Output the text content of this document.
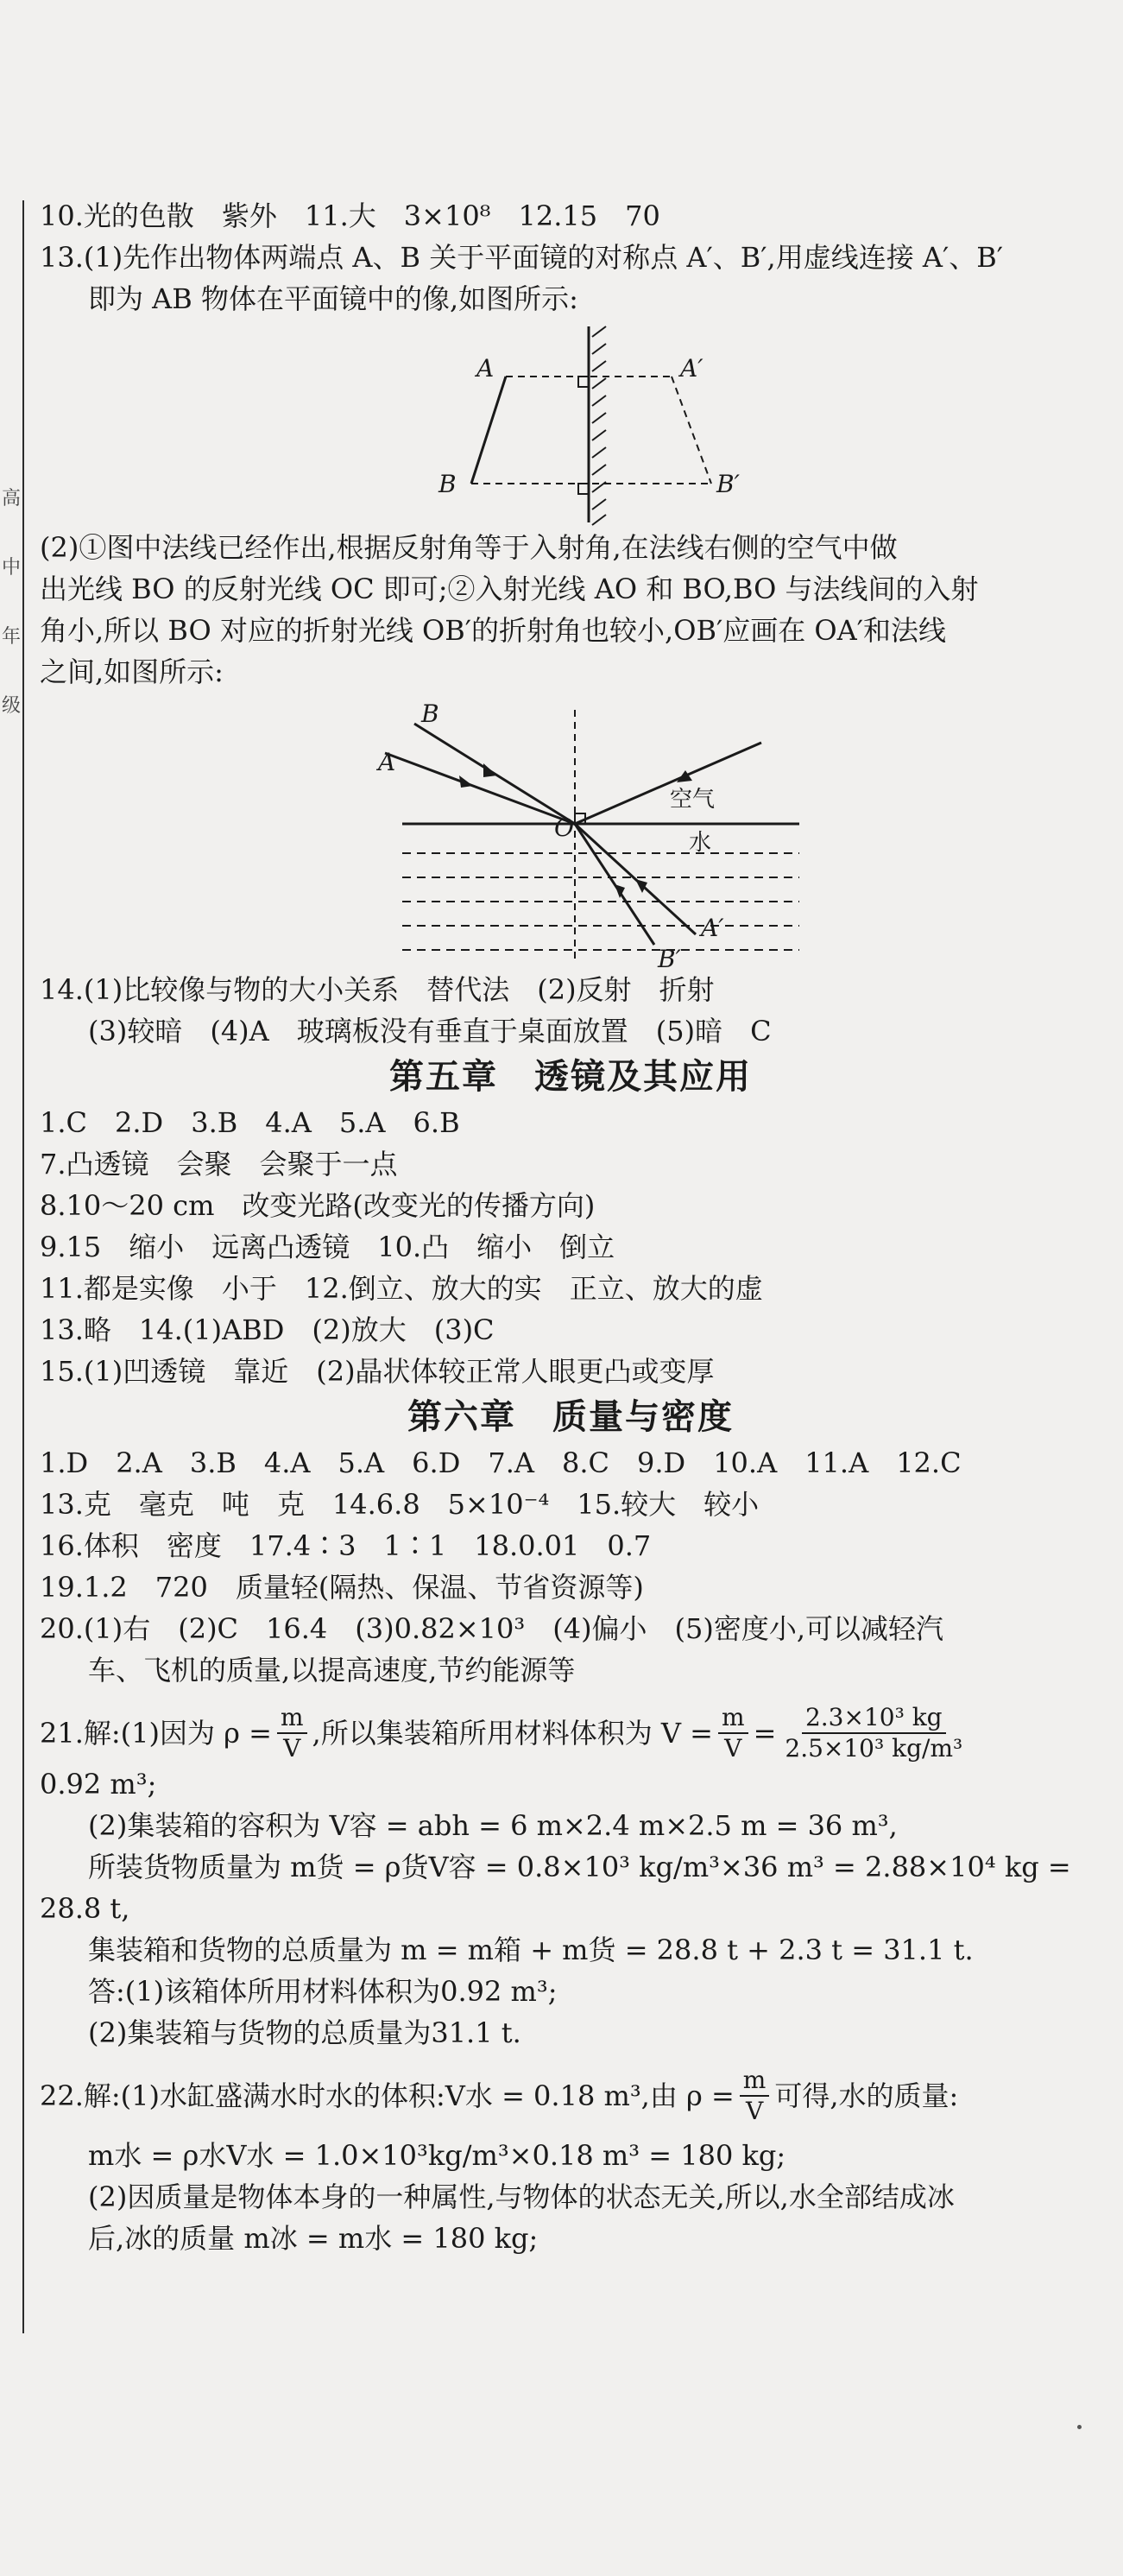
高
中
年
级
10.光的色散　紫外　11.大　3×10⁸　12.15　70
13.(1)先作出物体两端点 A、B 关于平面镜的对称点 A′、B′,用虚线连接 A′、B′
即为 AB 物体在平面镜中的像,如图所示:
A	A′
B	B′
(2)①图中法线已经作出,根据反射角等于入射角,在法线右侧的空气中做
出光线 BO 的反射光线 OC 即可;②入射光线 AO 和 BO,BO 与法线间的入射
角小,所以 BO 对应的折射光线 OB′的折射角也较小,OB′应画在 OA′和法线
之间,如图所示:
B
A
O
A′
B′
空气
水
14.(1)比较像与物的大小关系　替代法　(2)反射　折射
(3)较暗　(4)A　玻璃板没有垂直于桌面放置　(5)暗　C
第五章　透镜及其应用
1.C　2.D　3.B　4.A　5.A　6.B
7.凸透镜　会聚　会聚于一点
8.10～20 cm　改变光路(改变光的传播方向)
9.15　缩小　远离凸透镜　10.凸　缩小　倒立
11.都是实像　小于　12.倒立、放大的实　正立、放大的虚
13.略　14.(1)ABD　(2)放大　(3)C
15.(1)凹透镜　靠近　(2)晶状体较正常人眼更凸或变厚
第六章　质量与密度
1.D　2.A　3.B　4.A　5.A　6.D　7.A　8.C　9.D　10.A　11.A　12.C
13.克　毫克　吨　克　14.6.8　5×10⁻⁴　15.较大　较小
16.体积　密度　17.4∶3　1∶1　18.0.01　0.7
19.1.2　720　质量轻(隔热、保温、节省资源等)
20.(1)右　(2)C　16.4　(3)0.82×10³　(4)偏小　(5)密度小,可以减轻汽
车、飞机的质量,以提高速度,节约能源等
21.解:(1)因为 $\rho = \frac{m}{V}$ ,所以集装箱所用材料体积为 $V = \frac{m}{V} = \frac{\text{2.3×10³ kg}}{\text{2.5×10³ kg/m³}}$
0.92 m³;
(2)集装箱的容积为 V容 = abh = 6 m×2.4 m×2.5 m = 36 m³,
所装货物质量为 m货 = ρ货V容 = 0.8×10³ kg/m³×36 m³ = 2.88×10⁴ kg =
28.8 t,
集装箱和货物的总质量为 m = m箱 + m货 = 28.8 t + 2.3 t = 31.1 t.
答:(1)该箱体所用材料体积为0.92 m³;
(2)集装箱与货物的总质量为31.1 t.
22.解:(1)水缸盛满水时水的体积:V水 = 0.18 m³,由 $\rho = \frac{m}{V}$ 可得,水的质量:
m水 = ρ水V水 = 1.0×10³kg/m³×0.18 m³ = 180 kg;
(2)因质量是物体本身的一种属性,与物体的状态无关,所以,水全部结成冰
后,冰的质量 m冰 = m水 = 180 kg;
